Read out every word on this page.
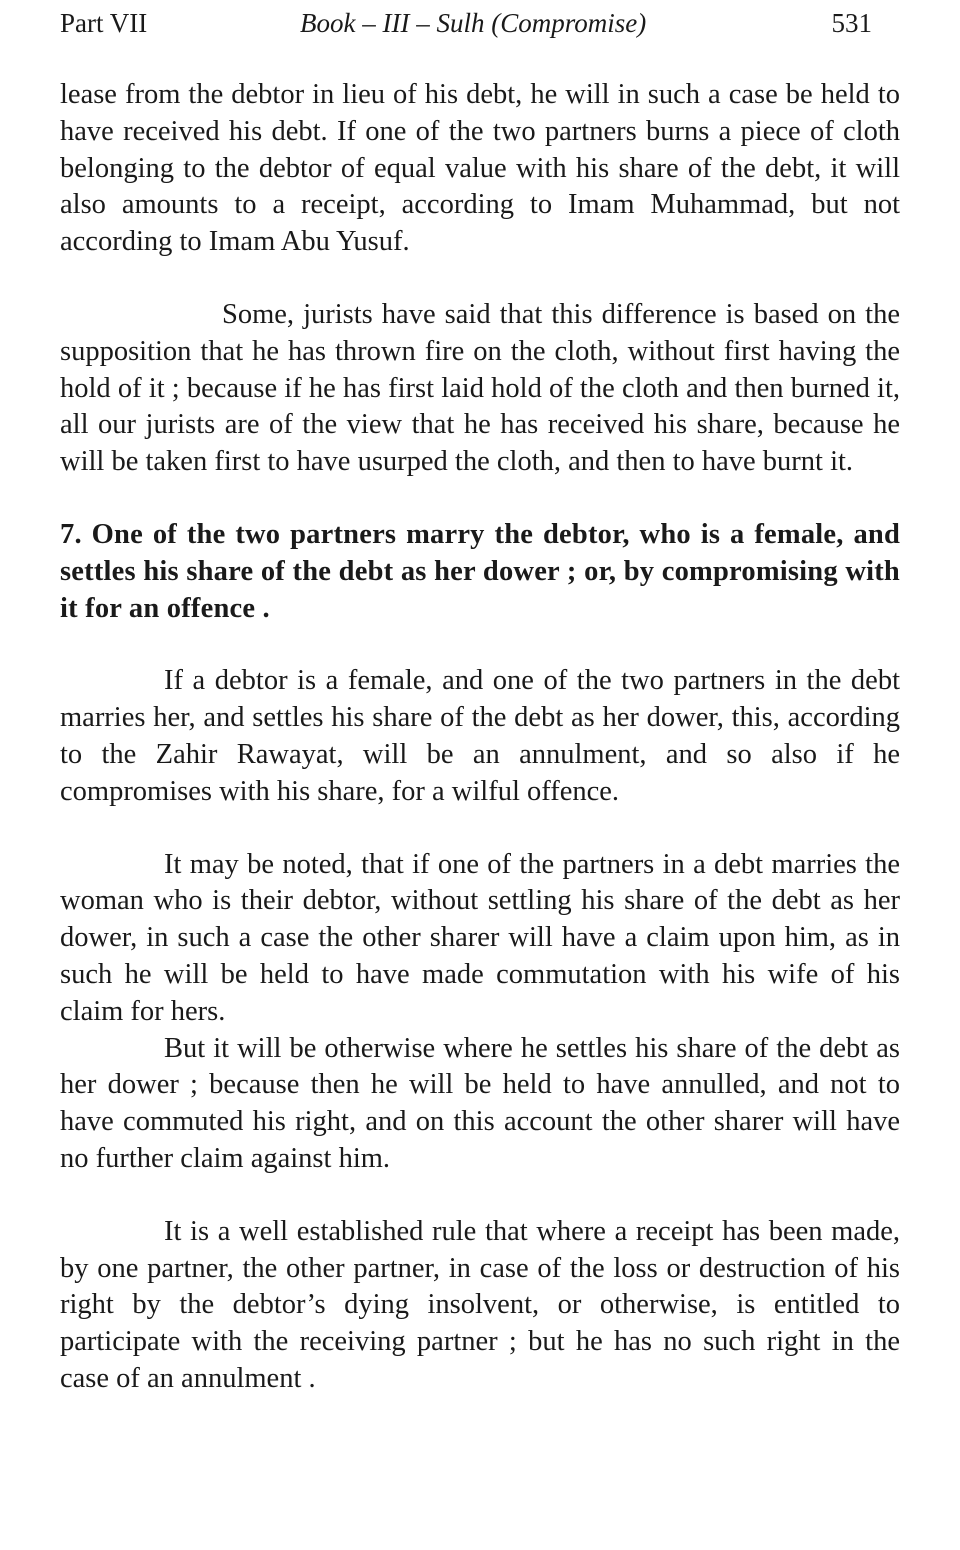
Part VII	Book – III – Sulh (Compromise)	531

lease from the debtor in lieu of his debt, he will in such a case be held to have received his debt. If one of the two partners burns a piece of cloth belonging to the debtor of equal value with his share of the debt, it will also amounts to a receipt, according to Imam Muhammad, but not according to Imam Abu Yusuf.

Some, jurists have said that this difference is based on the supposition that he has thrown fire on the cloth, without first having the hold of it ; because if he has first laid hold of the cloth and then burned it, all our jurists are of the view that he has received his share, because he will be taken first to have usurped the cloth, and then to have burnt it.

7. One of the two partners marry the debtor, who is a female, and settles his share of the debt as her dower ; or, by compromising with it for an offence .

If a debtor is a female, and one of the two partners in the debt marries her, and settles his share of the debt as her dower, this, according to the Zahir Rawayat, will be an annulment, and so also if he compromises with his share, for a wilful offence.

It may be noted, that if one of the partners in a debt marries the woman who is their debtor, without settling his share of the debt as her dower, in such a case the other sharer will have a claim upon him, as in such he will be held to have made commutation with his wife of his claim for hers.

But it will be otherwise where he settles his share of the debt as her dower ; because then he will be held to have annulled, and not to have commuted his right, and on this account the other sharer will have no further claim against him.

It is a well established rule that where a receipt has been made, by one partner, the other partner, in case of the loss or destruction of his right by the debtor’s dying insolvent, or otherwise, is entitled to participate with the receiving partner ; but he has no such right in the case of an annulment .
